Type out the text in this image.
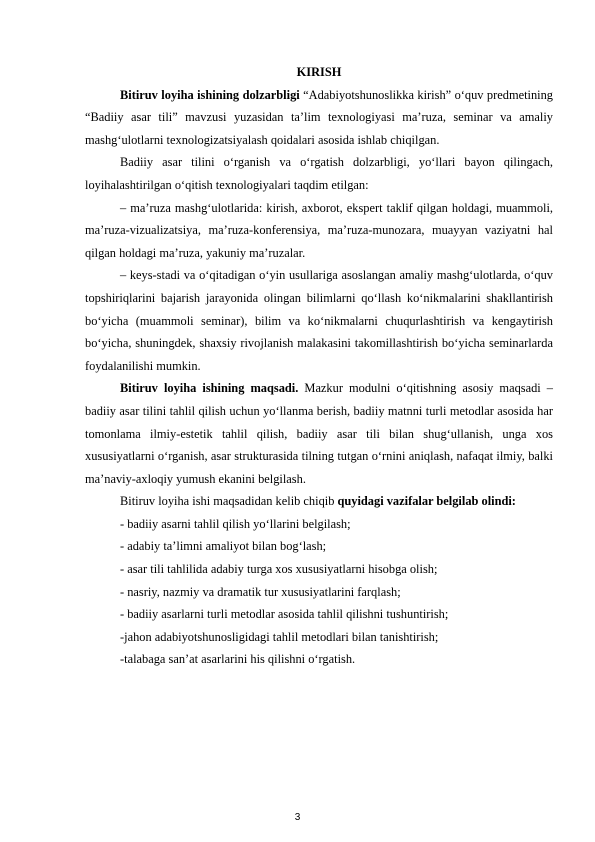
KIRISH

Bitiruv loyiha ishining dolzarbligi “Adabiyotshunoslikka kirish” o‘quv predmetining “Badiiy asar tili” mavzusi yuzasidan ta’lim texnologiyasi ma’ruza, seminar va amaliy mashg‘ulotlarni texnologizatsiyalash qoidalari asosida ishlab chiqilgan.

Badiiy asar tilini o‘rganish va o‘rgatish dolzarbligi, yo‘llari bayon qilingach, loyihalashtirilgan o‘qitish texnologiyalari taqdim etilgan:

– ma’ruza mashg‘ulotlarida: kirish, axborot, ekspert taklif qilgan holdagi, muammoli, ma’ruza-vizualizatsiya, ma’ruza-konferensiya, ma’ruza-munozara, muayyan vaziyatni hal qilgan holdagi ma’ruza, yakuniy ma’ruzalar.

– keys-stadi va o‘qitadigan o‘yin usullariga asoslangan amaliy mashg‘ulotlarda, o‘quv topshiriqlarini bajarish jarayonida olingan bilimlarni qo‘llash ko‘nikmalarini shakllantirish bo‘yicha (muammoli seminar), bilim va ko‘nikmalarni chuqurlashtirish va kengaytirish bo‘yicha, shuningdek, shaxsiy rivojlanish malakasini takomillashtirish bo‘yicha seminarlarda foydalanilishi mumkin.

Bitiruv loyiha ishining maqsadi. Mazkur modulni o‘qitishning asosiy maqsadi – badiiy asar tilini tahlil qilish uchun yo‘llanma berish, badiiy matnni turli metodlar asosida har tomonlama ilmiy-estetik tahlil qilish, badiiy asar tili bilan shug‘ullanish, unga xos xususiyatlarni o‘rganish, asar strukturasida tilning tutgan o‘rnini aniqlash, nafaqat ilmiy, balki ma’naviy-axloqiy yumush ekanini belgilash.

Bitiruv loyiha ishi maqsadidan kelib chiqib quyidagi vazifalar belgilab olindi:

- badiiy asarni tahlil qilish yo‘llarini belgilash;

- adabiy ta’limni amaliyot bilan bog‘lash;

- asar tili tahlilida adabiy turga xos xususiyatlarni hisobga olish;

- nasriy, nazmiy va dramatik tur xususiyatlarini farqlash;

- badiiy asarlarni turli metodlar asosida tahlil qilishni tushuntirish;

-jahon adabiyotshunosligidagi tahlil metodlari bilan tanishtirish;

-talabaga san’at asarlarini his qilishni o‘rgatish.

3
